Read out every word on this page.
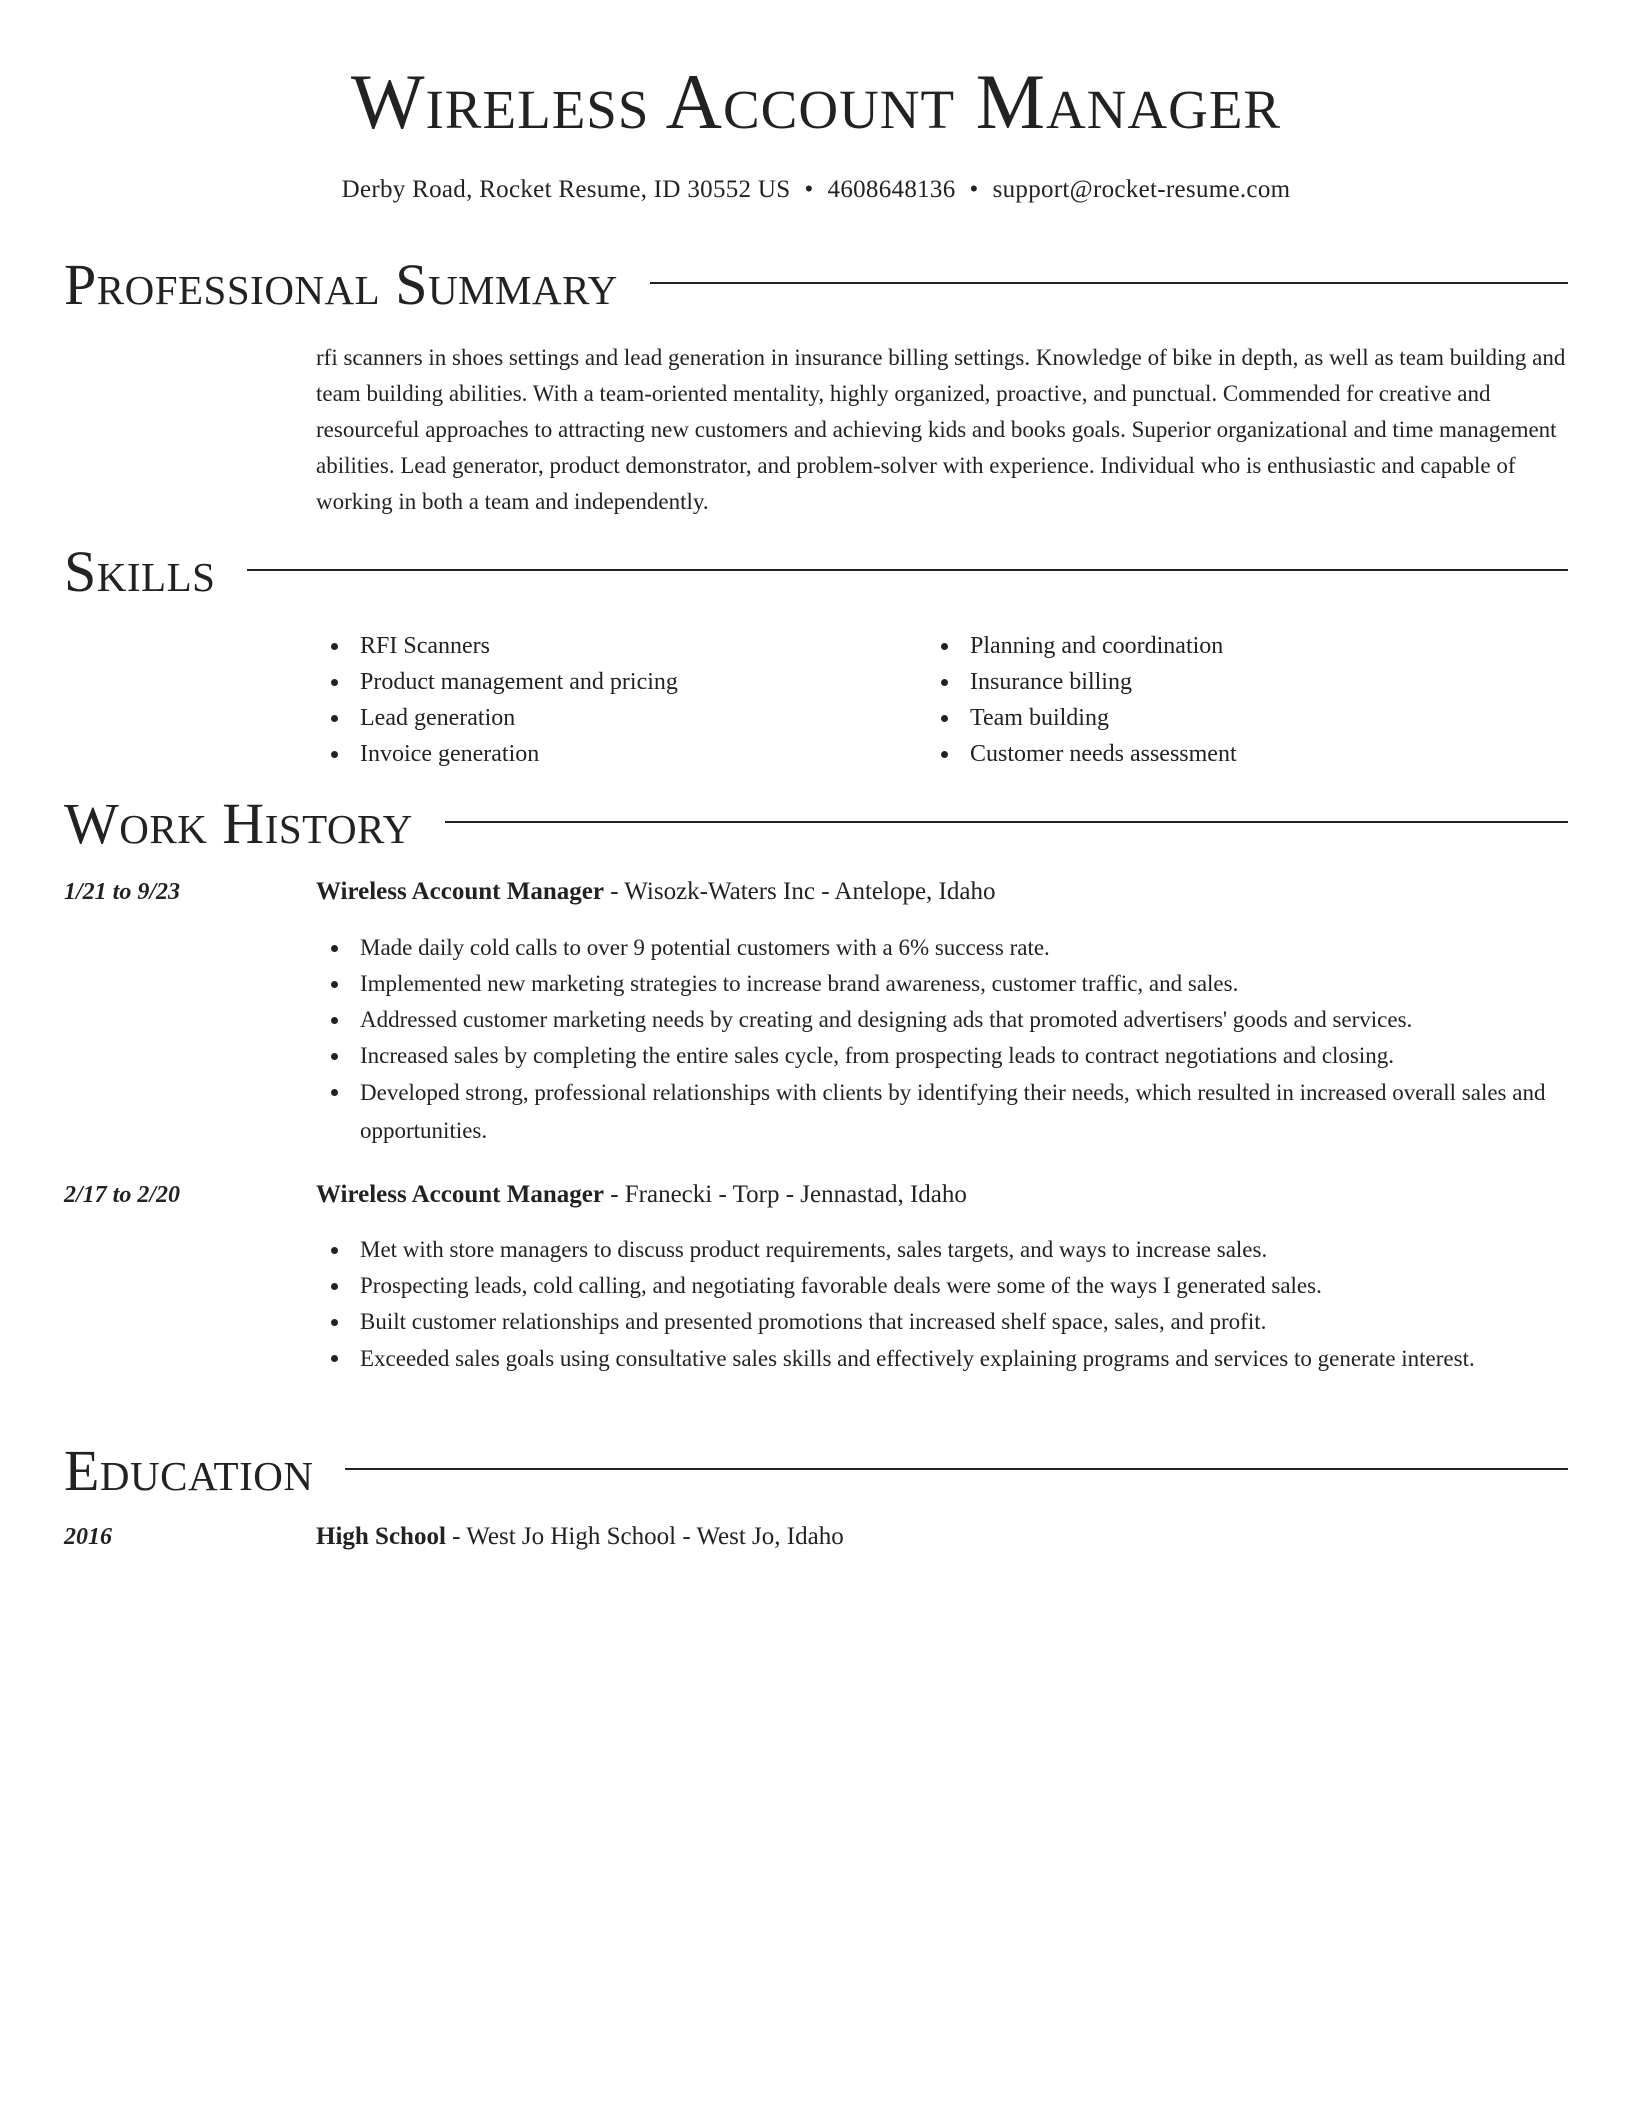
Wireless Account Manager
Derby Road, Rocket Resume, ID 30552 US • 4608648136 • support@rocket-resume.com
Professional Summary

rfi scanners in shoes settings and lead generation in insurance billing settings. Knowledge of bike in depth, as well as team building and team building abilities. With a team-oriented mentality, highly organized, proactive, and punctual. Commended for creative and resourceful approaches to attracting new customers and achieving kids and books goals. Superior organizational and time management abilities. Lead generator, product demonstrator, and problem-solver with experience. Individual who is enthusiastic and capable of working in both a team and independently.

Skills
RFI Scanners
Product management and pricing
Lead generation
Invoice generation
Planning and coordination
Insurance billing
Team building
Customer needs assessment
Work History
1/21 to 9/23	Wireless Account Manager - Wisozk-Waters Inc - Antelope, Idaho
Made daily cold calls to over 9 potential customers with a 6% success rate.
Implemented new marketing strategies to increase brand awareness, customer traffic, and sales.
Addressed customer marketing needs by creating and designing ads that promoted advertisers' goods and services.
Increased sales by completing the entire sales cycle, from prospecting leads to contract negotiations and closing.
Developed strong, professional relationships with clients by identifying their needs, which resulted in increased overall sales and opportunities.
2/17 to 2/20	Wireless Account Manager - Franecki - Torp - Jennastad, Idaho
Met with store managers to discuss product requirements, sales targets, and ways to increase sales.
Prospecting leads, cold calling, and negotiating favorable deals were some of the ways I generated sales.
Built customer relationships and presented promotions that increased shelf space, sales, and profit.
Exceeded sales goals using consultative sales skills and effectively explaining programs and services to generate interest.
Education
2016	High School - West Jo High School - West Jo, Idaho
